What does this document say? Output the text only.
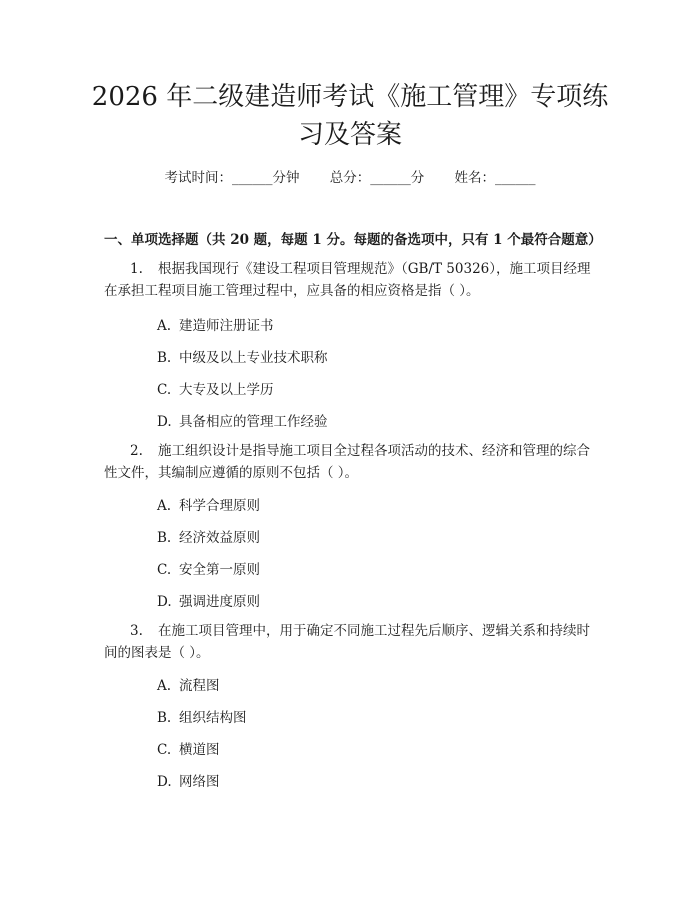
2026 年二级建造师考试《施工管理》专项练习及答案
考试时间：______分钟 总分：______分 姓名：______
一、单项选择题（共 20 题，每题 1 分。每题的备选项中，只有 1 个最符合题意）

1. 根据我国现行《建设工程项目管理规范》（GB/T 50326），施工项目经理在承担工程项目施工管理过程中，应具备的相应资格是指（ ）。

A. 建造师注册证书

B. 中级及以上专业技术职称

C. 大专及以上学历

D. 具备相应的管理工作经验

2. 施工组织设计是指导施工项目全过程各项活动的技术、经济和管理的综合性文件，其编制应遵循的原则不包括（ ）。

A. 科学合理原则

B. 经济效益原则

C. 安全第一原则

D. 强调进度原则

3. 在施工项目管理中，用于确定不同施工过程先后顺序、逻辑关系和持续时间的图表是（ ）。

A. 流程图

B. 组织结构图

C. 横道图

D. 网络图
